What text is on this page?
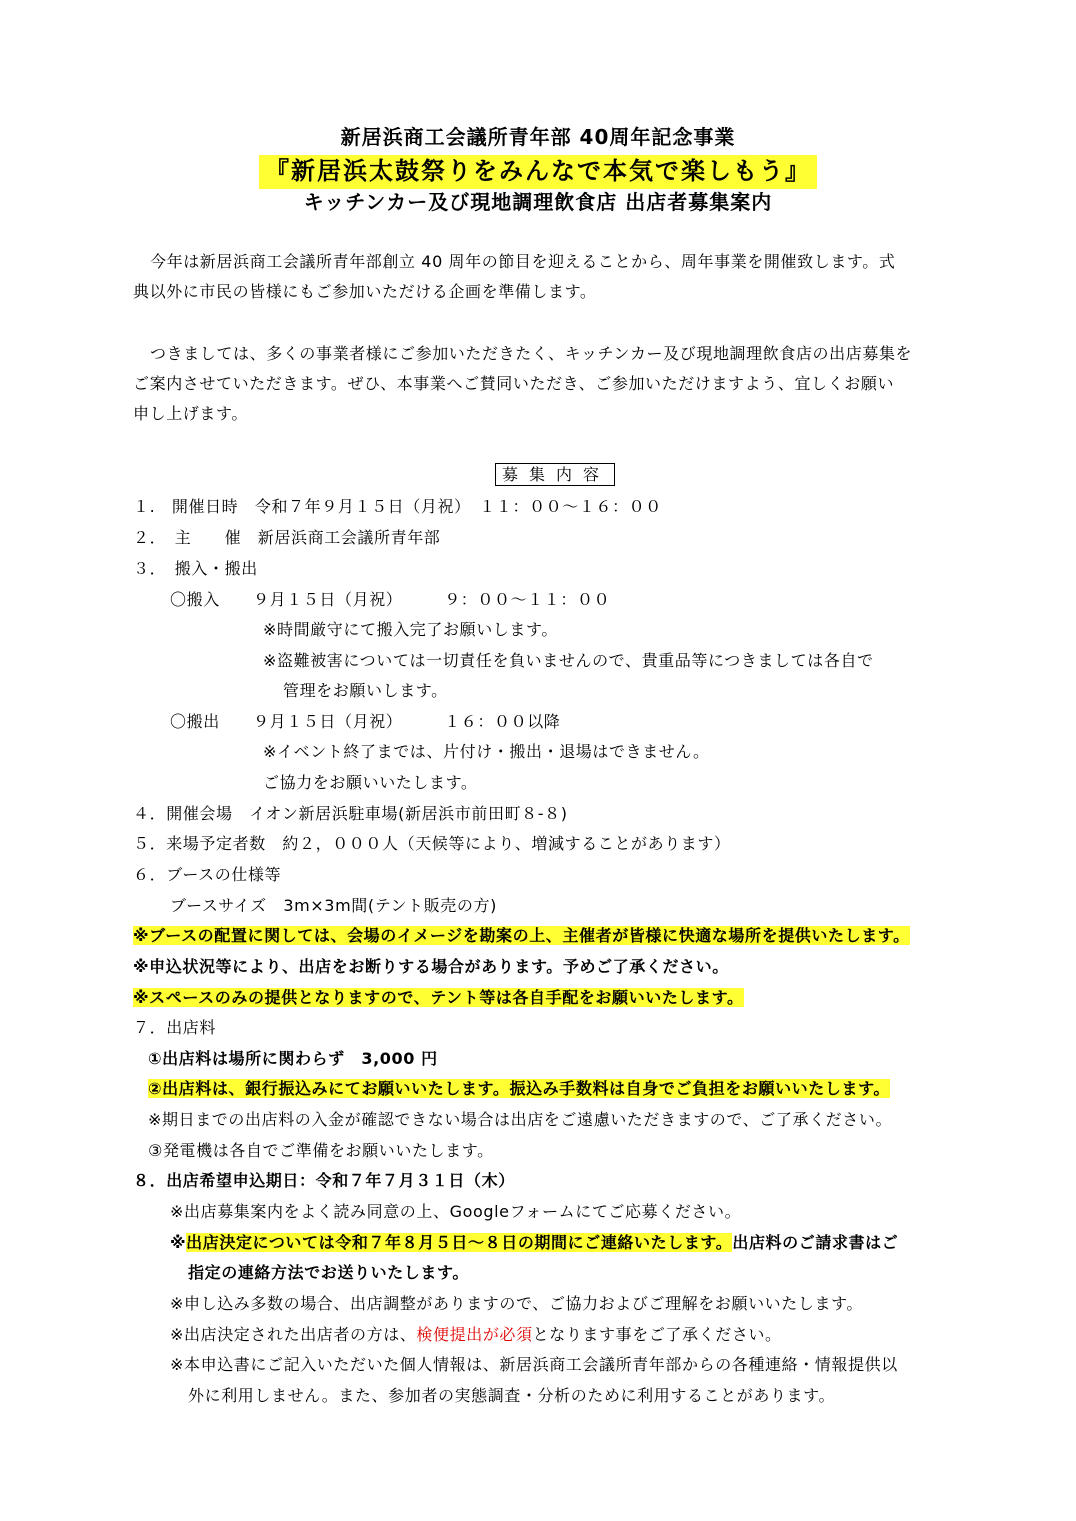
新居浜商工会議所青年部 40周年記念事業
『新居浜太鼓祭りをみんなで本気で楽しもう』
キッチンカー及び現地調理飲食店 出店者募集案内
今年は新居浜商工会議所青年部創立 40 周年の節目を迎えることから、周年事業を開催致します。式
典以外に市民の皆様にもご参加いただける企画を準備します。
つきましては、多くの事業者様にご参加いただきたく、キッチンカー及び現地調理飲食店の出店募集を
ご案内させていただきます。ぜひ、本事業へご賛同いただき、ご参加いただけますよう、宜しくお願い
申し上げます。
募集内容
１.　開催日時　令和７年９月１５日（月祝）　１１：００～１６：００
２．　主　　催　新居浜商工会議所青年部
３．　搬入・搬出
〇搬入　　９月１５日（月祝）　　　９：００～１１：００
※時間厳守にて搬入完了お願いします。
※盗難被害については一切責任を負いませんので、貴重品等につきましては各自で
管理をお願いします。
〇搬出　　９月１５日（月祝）　　　１６：００以降
※イベント終了までは、片付け・搬出・退場はできません。
ご協力をお願いいたします。
４．開催会場　イオン新居浜駐車場(新居浜市前田町８-８)
５．来場予定者数　約２，０００人（天候等により、増減することがあります）
６．ブースの仕様等
ブースサイズ　3m×3m間(テント販売の方)
※ブースの配置に関しては、会場のイメージを勘案の上、主催者が皆様に快適な場所を提供いたします。
※申込状況等により、出店をお断りする場合があります。予めご了承ください。
※スペースのみの提供となりますので、テント等は各自手配をお願いいたします。
７．出店料
①出店料は場所に関わらず　3,000 円
②出店料は、銀行振込みにてお願いいたします。振込み手数料は自身でご負担をお願いいたします。
※期日までの出店料の入金が確認できない場合は出店をご遠慮いただきますので、ご了承ください。
③発電機は各自でご準備をお願いいたします。
８．出店希望申込期日：令和７年７月３１日（木）
※出店募集案内をよく読み同意の上、Googleフォームにてご応募ください。
※出店決定については令和７年８月５日～８日の期間にご連絡いたします。出店料のご請求書はご
指定の連絡方法でお送りいたします。
※申し込み多数の場合、出店調整がありますので、ご協力およびご理解をお願いいたします。
※出店決定された出店者の方は、検便提出が必須となります事をご了承ください。
※本申込書にご記入いただいた個人情報は、新居浜商工会議所青年部からの各種連絡・情報提供以
外に利用しません。また、参加者の実態調査・分析のために利用することがあります。
